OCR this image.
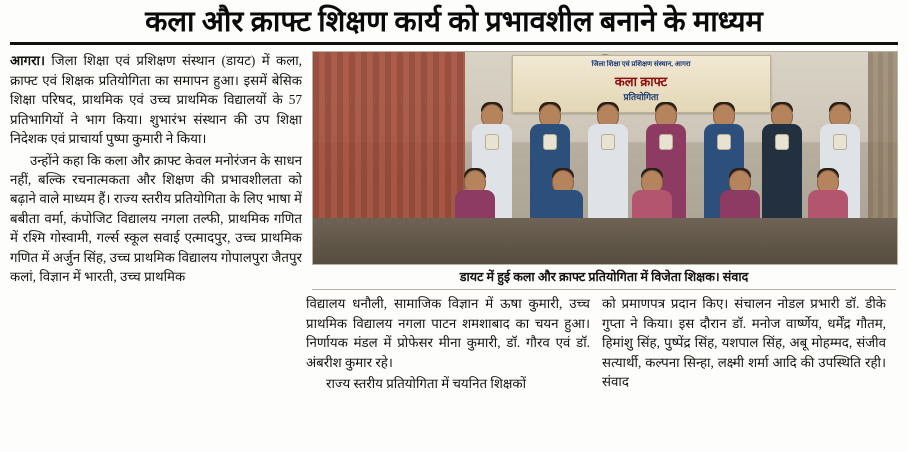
कला और क्राफ्ट शिक्षण कार्य को प्रभावशील बनाने के माध्यम

आगरा। जिला शिक्षा एवं प्रशिक्षण संस्थान (डायट) में कला, क्राफ्ट एवं शिक्षक प्रतियोगिता का समापन हुआ। इसमें बेसिक शिक्षा परिषद, प्राथमिक एवं उच्च प्राथमिक विद्यालयों के 57 प्रतिभागियों ने भाग किया। शुभारंभ संस्थान की उप शिक्षा निदेशक एवं प्राचार्या पुष्पा कुमारी ने किया।

उन्होंने कहा कि कला और क्राफ्ट केवल मनोरंजन के साधन नहीं, बल्कि रचनात्मकता और शिक्षण की प्रभावशीलता को बढ़ाने वाले माध्यम हैं। राज्य स्तरीय प्रतियोगिता के लिए भाषा में बबीता वर्मा, कंपोजिट विद्यालय नगला तल्फी, प्राथमिक गणित में रश्मि गोस्वामी, गर्ल्स स्कूल सवाई एत्मादपुर, उच्च प्राथमिक गणित में अर्जुन सिंह, उच्च प्राथमिक विद्यालय गोपालपुरा जैतपुर कलां, विज्ञान में भारती, उच्च प्राथमिक

जिला शिक्षा एवं प्रशिक्षण संस्थान, आगरा
कला क्राफ्ट
प्रतियोगिता
डायट में हुई कला और क्राफ्ट प्रतियोगिता में विजेता शिक्षक। संवाद

विद्यालय धनौली, सामाजिक विज्ञान में ऊषा कुमारी, उच्च प्राथमिक विद्यालय नगला पाटन शमशाबाद का चयन हुआ। निर्णायक मंडल में प्रोफेसर मीना कुमारी, डॉ. गौरव एवं डॉ. अंबरीश कुमार रहे।

राज्य स्तरीय प्रतियोगिता में चयनित शिक्षकों

को प्रमाणपत्र प्रदान किए। संचालन नोडल प्रभारी डॉ. डीके गुप्ता ने किया। इस दौरान डॉ. मनोज वार्ष्णेय, धर्मेंद्र गौतम, हिमांशु सिंह, पुष्पेंद्र सिंह, यशपाल सिंह, अबू मोहम्मद, संजीव सत्यार्थी, कल्पना सिन्हा, लक्ष्मी शर्मा आदि की उपस्थिति रही। संवाद
